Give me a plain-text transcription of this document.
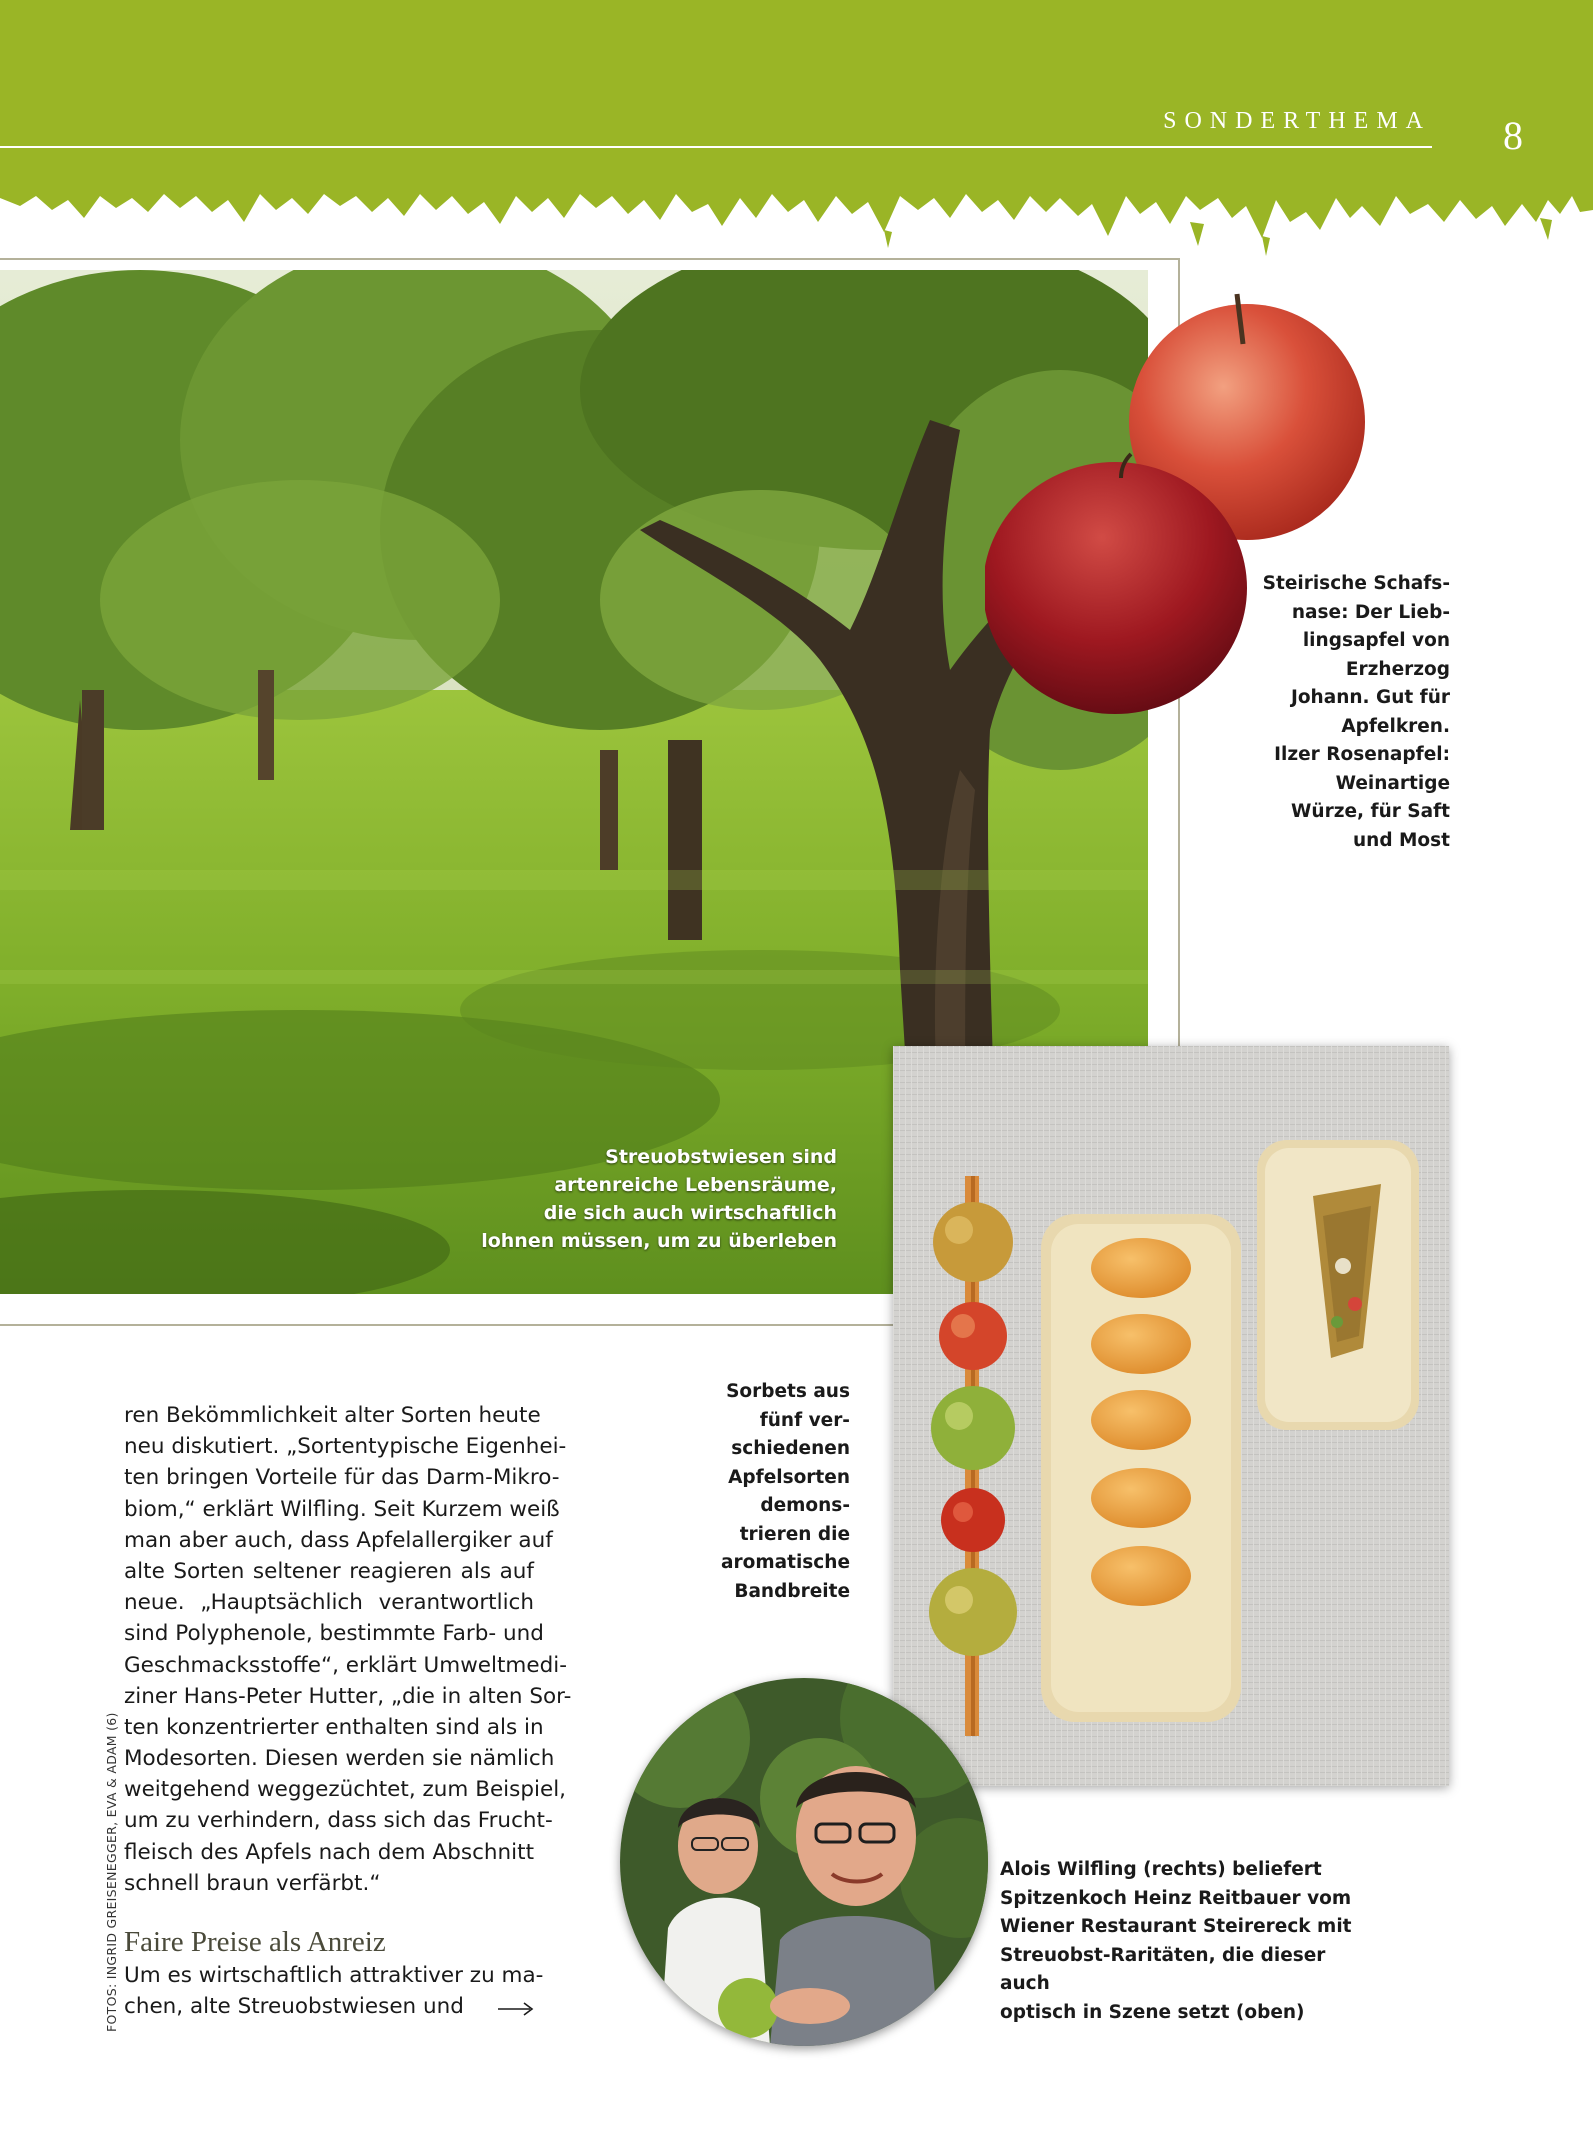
SONDERTHEMA 8
Streuobstwiesen sind
artenreiche Lebensräume,
die sich auch wirtschaftlich
lohnen müssen, um zu überleben
Steirische Schafs-
nase: Der Lieb-
lingsapfel von
Erzherzog
Johann. Gut für
Apfelkren.
Ilzer Rosenapfel:
Weinartige
Würze, für Saft
und Most
Sorbets aus
fünf ver-
schiedenen
Apfelsorten
demons-
trieren die
aromatische
Bandbreite
Alois Wilfling (rechts) beliefert
Spitzenkoch Heinz Reitbauer vom
Wiener Restaurant Steirereck mit
Streuobst-Raritäten, die dieser auch
optisch in Szene setzt (oben)
FOTOS: INGRID GREISENEGGER, EVA & ADAM (6)
ren Bekömmlichkeit alter Sorten heute
neu diskutiert. „Sortentypische Eigenhei-
ten bringen Vorteile für das Darm-Mikro-
biom,“ erklärt Wilfling. Seit Kurzem weiß
man aber auch, dass Apfelallergiker auf
alte Sorten seltener reagieren als auf
neue. „Hauptsächlich verantwortlich
sind Polyphenole, bestimmte Farb- und
Geschmacksstoffe“, erklärt Umweltmedi-
ziner Hans-Peter Hutter, „die in alten Sor-
ten konzentrierter enthalten sind als in
Modesorten. Diesen werden sie nämlich
weitgehend weggezüchtet, zum Beispiel,
um zu verhindern, dass sich das Frucht-
fleisch des Apfels nach dem Abschnitt
schnell braun verfärbt.“
Faire Preise als Anreiz
Um es wirtschaftlich attraktiver zu ma-
chen, alte Streuobstwiesen und
